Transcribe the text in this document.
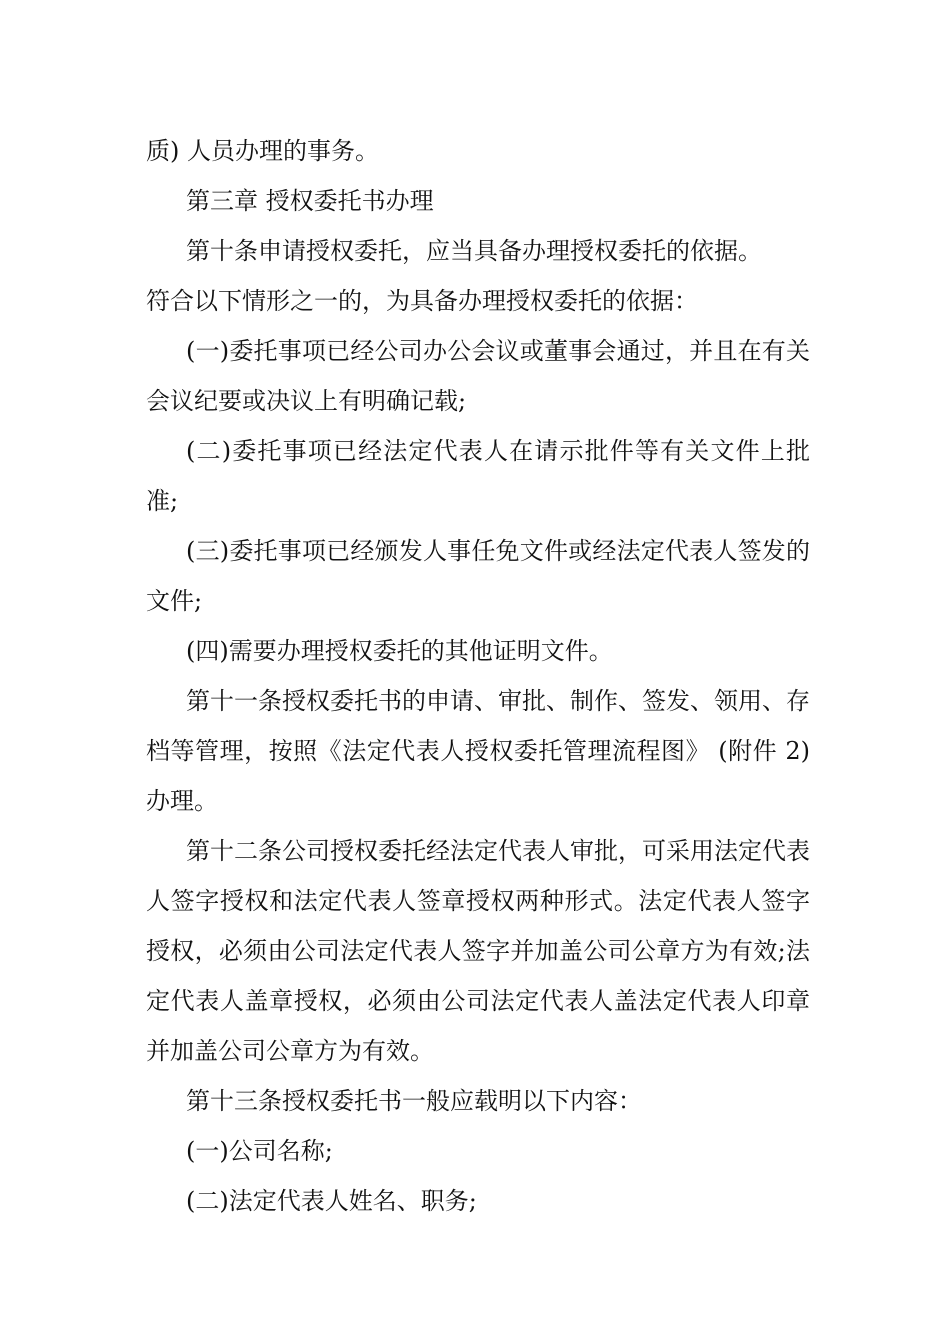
质) 人员办理的事务。

第三章 授权委托书办理

第十条申请授权委托，应当具备办理授权委托的依据。

符合以下情形之一的，为具备办理授权委托的依据：

(一)委托事项已经公司办公会议或董事会通过，并且在有关会议纪要或决议上有明确记载;

(二)委托事项已经法定代表人在请示批件等有关文件上批准;

(三)委托事项已经颁发人事任免文件或经法定代表人签发的文件;

(四)需要办理授权委托的其他证明文件。

第十一条授权委托书的申请、审批、制作、签发、领用、存档等管理，按照《法定代表人授权委托管理流程图》 (附件 2)办理。

第十二条公司授权委托经法定代表人审批，可采用法定代表人签字授权和法定代表人签章授权两种形式。法定代表人签字授权，必须由公司法定代表人签字并加盖公司公章方为有效;法定代表人盖章授权，必须由公司法定代表人盖法定代表人印章并加盖公司公章方为有效。

第十三条授权委托书一般应载明以下内容：

(一)公司名称;

(二)法定代表人姓名、职务;
